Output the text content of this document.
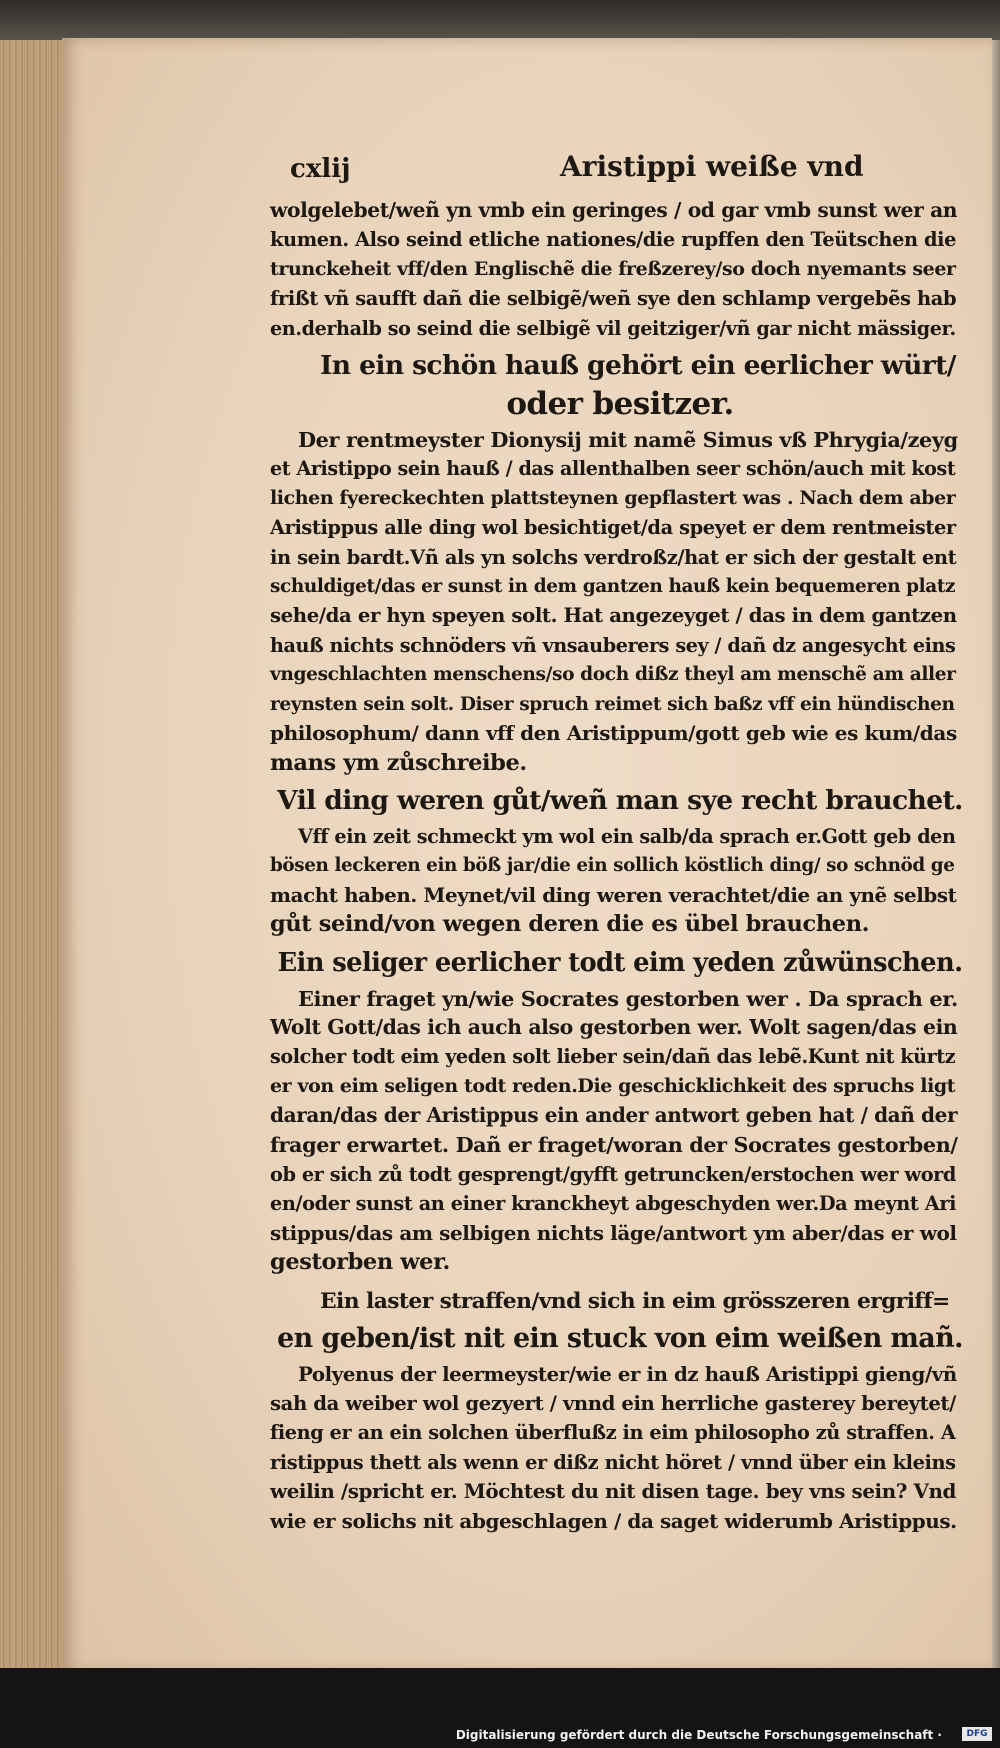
cxlij	Aristippi weiße vnd
wolgelebet/weñ yn vmb ein geringes / od gar vmb sunst wer an
kumen. Also seind etliche nationes/die rupffen den Teütschen die
trunckeheit vff/den Englischẽ die freßzerey/so doch nyemants seer
frißt vñ saufft dañ die selbigẽ/weñ sye den schlamp vergebẽs hab
en.derhalb so seind die selbigẽ vil geitziger/vñ gar nicht mässiger.
In ein schön hauß gehört ein eerlicher würt/
oder besitzer.
Der rentmeyster Dionysij mit namẽ Simus vß Phrygia/zeyg
et Aristippo sein hauß / das allenthalben seer schön/auch mit kost
lichen fyereckechten plattsteynen gepflastert was . Nach dem aber
Aristippus alle ding wol besichtiget/da speyet er dem rentmeister
in sein bardt.Vñ als yn solchs verdroßz/hat er sich der gestalt ent
schuldiget/das er sunst in dem gantzen hauß kein bequemeren platz
sehe/da er hyn speyen solt. Hat angezeyget / das in dem gantzen
hauß nichts schnöders vñ vnsauberers sey / dañ dz angesycht eins
vngeschlachten menschens/so doch dißz theyl am menschẽ am aller
reynsten sein solt. Diser spruch reimet sich baßz vff ein hündischen
philosophum/ dann vff den Aristippum/gott geb wie es kum/das
mans ym zůschreibe.
Vil ding weren gůt/weñ man sye recht brauchet.
Vff ein zeit schmeckt ym wol ein salb/da sprach er.Gott geb den
bösen leckeren ein böß jar/die ein sollich köstlich ding/ so schnöd ge
macht haben. Meynet/vil ding weren verachtet/die an ynẽ selbst
gůt seind/von wegen deren die es übel brauchen.
Ein seliger eerlicher todt eim yeden zůwünschen.
Einer fraget yn/wie Socrates gestorben wer . Da sprach er.
Wolt Gott/das ich auch also gestorben wer. Wolt sagen/das ein
solcher todt eim yeden solt lieber sein/dañ das lebẽ.Kunt nit kürtz
er von eim seligen todt reden.Die geschicklichkeit des spruchs ligt
daran/das der Aristippus ein ander antwort geben hat / dañ der
frager erwartet. Dañ er fraget/woran der Socrates gestorben/
ob er sich zů todt gesprengt/gyfft getruncken/erstochen wer word
en/oder sunst an einer kranckheyt abgeschyden wer.Da meynt Ari
stippus/das am selbigen nichts läge/antwort ym aber/das er wol
gestorben wer.
Ein laster straffen/vnd sich in eim grösszeren ergriff=
en geben/ist nit ein stuck von eim weißen mañ.
Polyenus der leermeyster/wie er in dz hauß Aristippi gieng/vñ
sah da weiber wol gezyert / vnnd ein herrliche gasterey bereytet/
fieng er an ein solchen überflußz in eim philosopho zů straffen. A
ristippus thett als wenn er dißz nicht höret / vnnd über ein kleins
weilin /spricht er. Möchtest du nit disen tage. bey vns sein? Vnd
wie er solichs nit abgeschlagen / da saget widerumb Aristippus.
Digitalisierung gefördert durch die Deutsche Forschungsgemeinschaft ·	DFG
